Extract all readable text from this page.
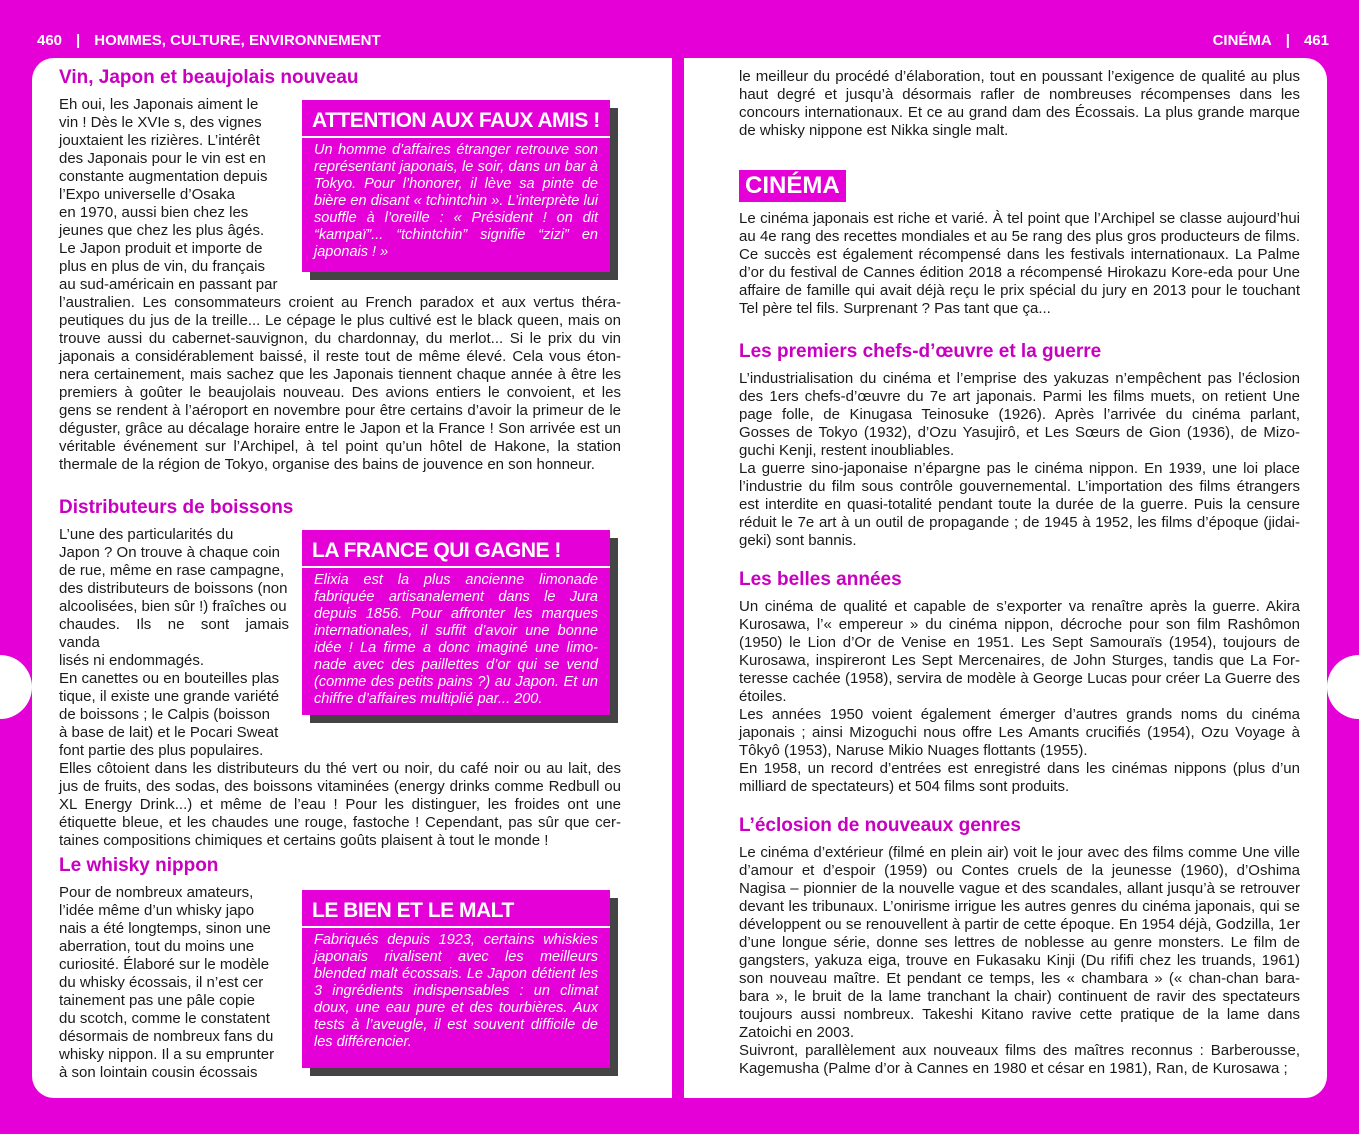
460 | HOMMES, CULTURE, ENVIRONNEMENT	CINÉMA | 461
Vin, Japon et beaujolais nouveau

Eh oui, les Japonais aiment le

vin ! Dès le XVIe s, des vignes

jouxtaient les rizières. L’intérêt

des Japonais pour le vin est en

constante augmentation depuis

l’Expo universelle d’Osaka

en 1970, aussi bien chez les

jeunes que chez les plus âgés.

Le Japon produit et importe de

plus en plus de vin, du français

au sud-américain en passant par

l’australien. Les consommateurs croient au French paradox et aux vertus thérapeutiques du jus de la treille... Le cépage le plus cultivé est le black queen, mais on trouve aussi du cabernet-sauvignon, du chardonnay, du merlot... Si le prix du vin japonais a considérablement baissé, il reste tout de même élevé. Cela vous étonnera certainement, mais sachez que les Japonais tiennent chaque année à être les premiers à goûter le beaujolais nouveau. Des avions entiers le convoient, et les gens se rendent à l’aéroport en novembre pour être certains d’avoir la primeur de le déguster, grâce au décalage horaire entre le Japon et la France ! Son arrivée est un véritable événement sur l’Archipel, à tel point qu’un hôtel de Hakone, la station thermale de la région de Tokyo, organise des bains de jouvence en son honneur.

ATTENTION AUX FAUX AMIS !
Un homme d’affaires étranger retrouve son représentant japonais, le soir, dans un bar à Tokyo. Pour l’honorer, il lève sa pinte de bière en disant « tchintchin ». L’interprète lui souffle à l’oreille : « Président ! on dit “kampaï”... “tchintchin” signifie “zizi” en japonais ! »
Distributeurs de boissons

L’une des particularités du

Japon ? On trouve à chaque coin

de rue, même en rase campagne,

des distributeurs de boissons (non

alcoolisées, bien sûr !) fraîches ou

chaudes. Ils ne sont jamais vanda

lisés ni endommagés.

En canettes ou en bouteilles plas

tique, il existe une grande variété

de boissons ; le Calpis (boisson

à base de lait) et le Pocari Sweat

font partie des plus populaires.

Elles côtoient dans les distributeurs du thé vert ou noir, du café noir ou au lait, des jus de fruits, des sodas, des boissons vitaminées (energy drinks comme Redbull ou XL Energy Drink...) et même de l’eau ! Pour les distinguer, les froides ont une étiquette bleue, et les chaudes une rouge, fastoche ! Cependant, pas sûr que certaines compositions chimiques et certains goûts plaisent à tout le monde !

LA FRANCE QUI GAGNE !
Elixia est la plus ancienne limonade fabriquée artisanalement dans le Jura depuis 1856. Pour affronter les marques internationales, il suffit d’avoir une bonne idée ! La firme a donc imaginé une limonade avec des paillettes d’or qui se vend (comme des petits pains ?) au Japon. Et un chiffre d’affaires multiplié par... 200.
Le whisky nippon

Pour de nombreux amateurs,

l’idée même d’un whisky japo

nais a été longtemps, sinon une

aberration, tout du moins une

curiosité. Élaboré sur le modèle

du whisky écossais, il n’est cer

tainement pas une pâle copie

du scotch, comme le constatent

désormais de nombreux fans du

whisky nippon. Il a su emprunter

à son lointain cousin écossais

LE BIEN ET LE MALT
Fabriqués depuis 1923, certains whiskies japonais rivalisent avec les meilleurs blended malt écossais. Le Japon détient les 3 ingrédients indispensables : un climat doux, une eau pure et des tourbières. Aux tests à l’aveugle, il est souvent difficile de les différencier.

le meilleur du procédé d’élaboration, tout en poussant l’exigence de qualité au plus haut degré et jusqu’à désormais rafler de nombreuses récompenses dans les concours internationaux. Et ce au grand dam des Écossais. La plus grande marque de whisky nippone est Nikka single malt.

CINÉMA

Le cinéma japonais est riche et varié. À tel point que l’Archipel se classe aujourd’hui au 4e rang des recettes mondiales et au 5e rang des plus gros producteurs de films. Ce succès est également récompensé dans les festivals internationaux. La Palme d’or du festival de Cannes édition 2018 a récompensé Hirokazu Kore-eda pour Une affaire de famille qui avait déjà reçu le prix spécial du jury en 2013 pour le touchant Tel père tel fils. Surprenant ? Pas tant que ça...

Les premiers chefs-d’œuvre et la guerre

L’industrialisation du cinéma et l’emprise des yakuzas n’empêchent pas l’éclosion des 1ers chefs-d’œuvre du 7e art japonais. Parmi les films muets, on retient Une page folle, de Kinugasa Teinosuke (1926). Après l’arrivée du cinéma parlant, Gosses de Tokyo (1932), d’Ozu Yasujirô, et Les Sœurs de Gion (1936), de Mizoguchi Kenji, restent inoubliables.

La guerre sino-japonaise n’épargne pas le cinéma nippon. En 1939, une loi place l’industrie du film sous contrôle gouvernemental. L’importation des films étrangers est interdite en quasi-totalité pendant toute la durée de la guerre. Puis la censure réduit le 7e art à un outil de propagande ; de 1945 à 1952, les films d’époque (jidaigeki) sont bannis.

Les belles années

Un cinéma de qualité et capable de s’exporter va renaître après la guerre. Akira Kurosawa, l’« empereur » du cinéma nippon, décroche pour son film Rashômon (1950) le Lion d’Or de Venise en 1951. Les Sept Samouraïs (1954), toujours de Kurosawa, inspireront Les Sept Mercenaires, de John Sturges, tandis que La Forteresse cachée (1958), servira de modèle à George Lucas pour créer La Guerre des étoiles.

Les années 1950 voient également émerger d’autres grands noms du cinéma japonais ; ainsi Mizoguchi nous offre Les Amants crucifiés (1954), Ozu Voyage à Tôkyô (1953), Naruse Mikio Nuages flottants (1955).

En 1958, un record d’entrées est enregistré dans les cinémas nippons (plus d’un milliard de spectateurs) et 504 films sont produits.

L’éclosion de nouveaux genres

Le cinéma d’extérieur (filmé en plein air) voit le jour avec des films comme Une ville d’amour et d’espoir (1959) ou Contes cruels de la jeunesse (1960), d’Oshima Nagisa – pionnier de la nouvelle vague et des scandales, allant jusqu’à se retrouver devant les tribunaux. L’onirisme irrigue les autres genres du cinéma japonais, qui se développent ou se renouvellent à partir de cette époque. En 1954 déjà, Godzilla, 1er d’une longue série, donne ses lettres de noblesse au genre monsters. Le film de gangsters, yakuza eiga, trouve en Fukasaku Kinji (Du rififi chez les truands, 1961) son nouveau maître. Et pendant ce temps, les « chambara » (« chan-chan bara-bara », le bruit de la lame tranchant la chair) continuent de ravir des spectateurs toujours aussi nombreux. Takeshi Kitano ravive cette pratique de la lame dans Zatoichi en 2003.

Suivront, parallèlement aux nouveaux films des maîtres reconnus : Barberousse, Kagemusha (Palme d’or à Cannes en 1980 et césar en 1981), Ran, de Kurosawa ;
